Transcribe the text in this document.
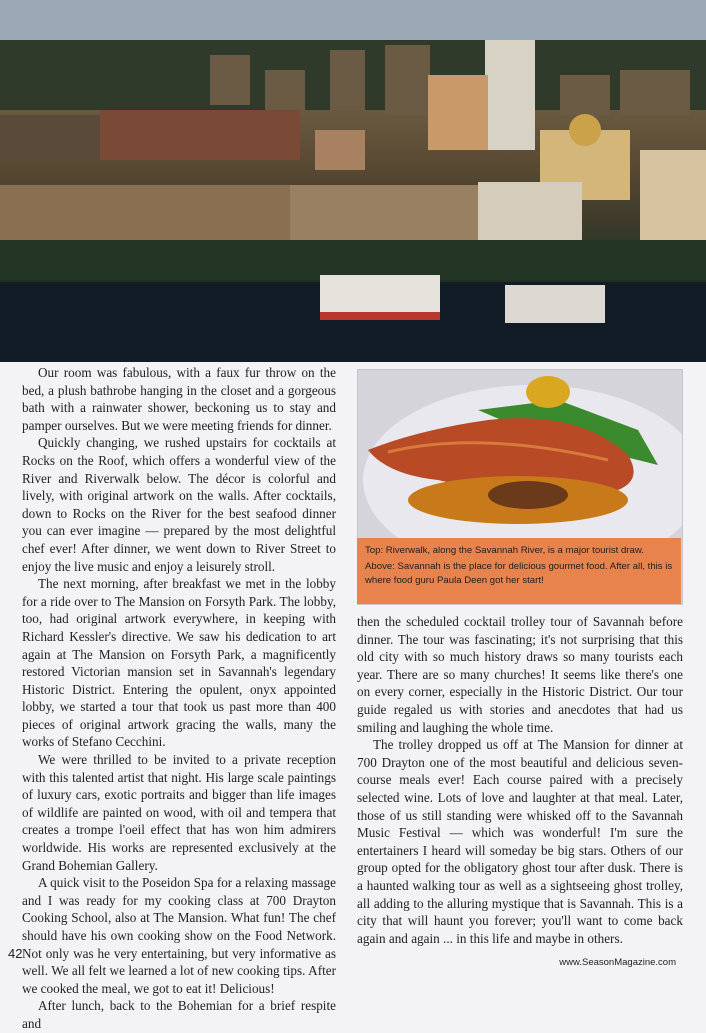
Our room was fabulous, with a faux fur throw on the bed, a plush bathrobe hanging in the closet and a gorgeous bath with a rainwater shower, beckoning us to stay and pamper ourselves. But we were meeting friends for dinner.

Quickly changing, we rushed upstairs for cocktails at Rocks on the Roof, which offers a wonderful view of the River and Riverwalk below. The décor is colorful and lively, with original artwork on the walls. After cocktails, down to Rocks on the River for the best seafood dinner you can ever imagine — prepared by the most delightful chef ever! After dinner, we went down to River Street to enjoy the live music and enjoy a leisurely stroll.

The next morning, after breakfast we met in the lobby for a ride over to The Mansion on Forsyth Park. The lobby, too, had original artwork everywhere, in keeping with Richard Kessler's directive. We saw his dedication to art again at The Mansion on Forsyth Park, a magnificently restored Victorian mansion set in Savannah's legendary Historic District. Entering the opulent, onyx appointed lobby, we started a tour that took us past more than 400 pieces of original artwork gracing the walls, many the works of Stefano Cecchini.

We were thrilled to be invited to a private reception with this talented artist that night. His large scale paintings of luxury cars, exotic portraits and bigger than life images of wildlife are painted on wood, with oil and tempera that creates a trompe l'oeil effect that has won him admirers worldwide. His works are represented exclusively at the Grand Bohemian Gallery.

A quick visit to the Poseidon Spa for a relaxing massage and I was ready for my cooking class at 700 Drayton Cooking School, also at The Mansion. What fun! The chef should have his own cooking show on the Food Network. Not only was he very entertaining, but very informative as well. We all felt we learned a lot of new cooking tips. After we cooked the meal, we got to eat it! Delicious!

After lunch, back to the Bohemian for a brief respite and

Top: Riverwalk, along the Savannah River, is a major tourist draw.
Above: Savannah is the place for delicious gourmet food. After all, this is where food guru Paula Deen got her start!

then the scheduled cocktail trolley tour of Savannah before dinner. The tour was fascinating; it's not surprising that this old city with so much history draws so many tourists each year. There are so many churches! It seems like there's one on every corner, especially in the Historic District. Our tour guide regaled us with stories and anecdotes that had us smiling and laughing the whole time.

The trolley dropped us off at The Mansion for dinner at 700 Drayton one of the most beautiful and delicious seven-course meals ever! Each course paired with a precisely selected wine. Lots of love and laughter at that meal. Later, those of us still standing were whisked off to the Savannah Music Festival — which was wonderful! I'm sure the entertainers I heard will someday be big stars. Others of our group opted for the obligatory ghost tour after dusk. There is a haunted walking tour as well as a sightseeing ghost trolley, all adding to the alluring mystique that is Savannah. This is a city that will haunt you forever; you'll want to come back again and again ... in this life and maybe in others.

42
www.SeasonMagazine.com
